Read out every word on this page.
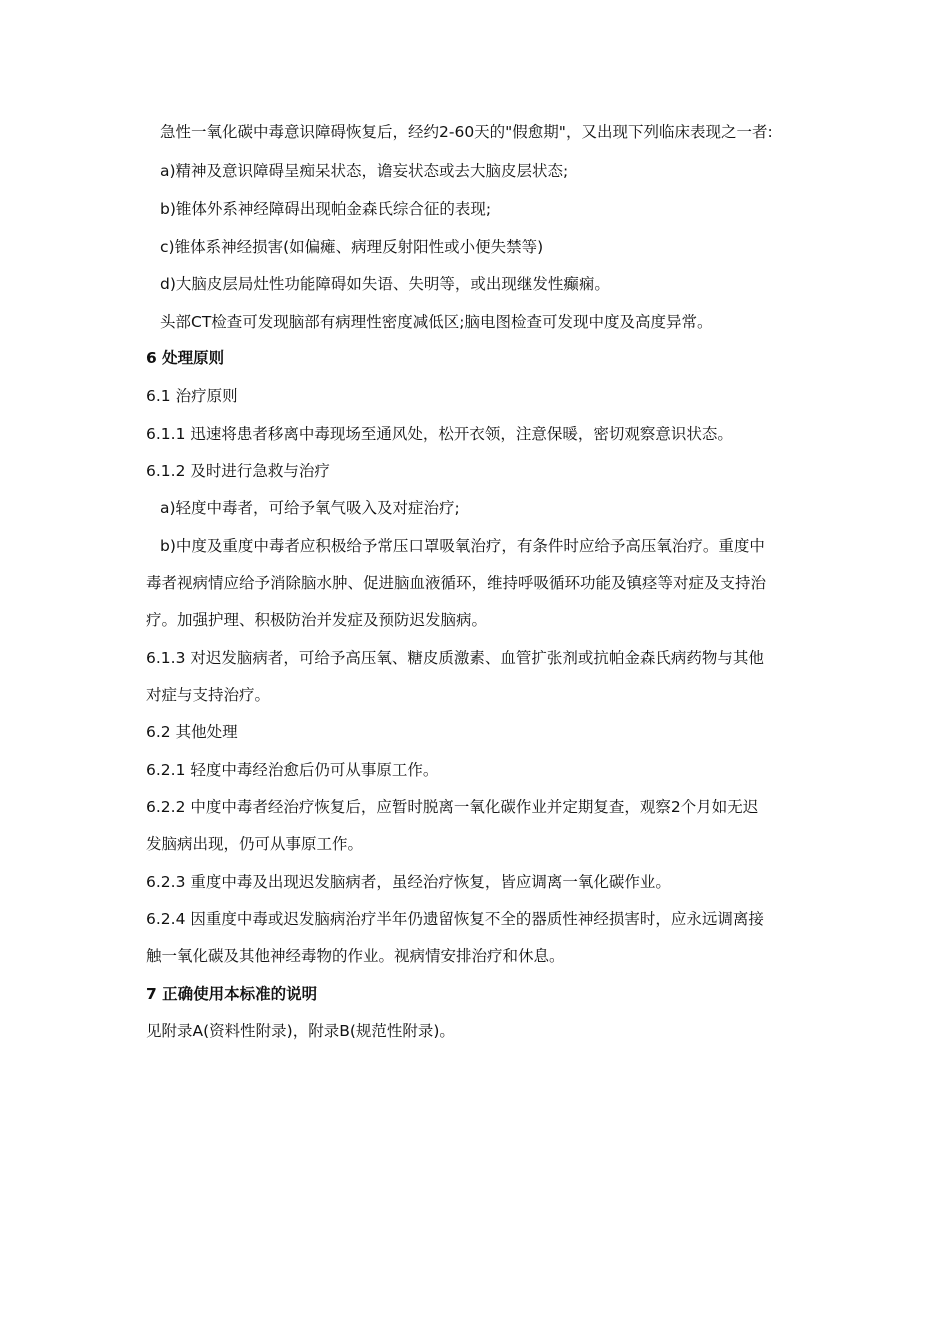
急性一氧化碳中毒意识障碍恢复后，经约2-60天的"假愈期"，又出现下列临床表现之一者:
a)精神及意识障碍呈痴呆状态，谵妄状态或去大脑皮层状态;
b)锥体外系神经障碍出现帕金森氏综合征的表现;
c)锥体系神经损害(如偏瘫、病理反射阳性或小便失禁等)
d)大脑皮层局灶性功能障碍如失语、失明等，或出现继发性癫痫。
头部CT检查可发现脑部有病理性密度减低区;脑电图检查可发现中度及高度异常。
6 处理原则
6.1 治疗原则
6.1.1 迅速将患者移离中毒现场至通风处，松开衣领，注意保暖，密切观察意识状态。
6.1.2 及时进行急救与治疗
a)轻度中毒者，可给予氧气吸入及对症治疗;
b)中度及重度中毒者应积极给予常压口罩吸氧治疗，有条件时应给予高压氧治疗。重度中
毒者视病情应给予消除脑水肿、促进脑血液循环，维持呼吸循环功能及镇痉等对症及支持治
疗。加强护理、积极防治并发症及预防迟发脑病。
6.1.3 对迟发脑病者，可给予高压氧、糖皮质激素、血管扩张剂或抗帕金森氏病药物与其他
对症与支持治疗。
6.2 其他处理
6.2.1 轻度中毒经治愈后仍可从事原工作。
6.2.2 中度中毒者经治疗恢复后，应暂时脱离一氧化碳作业并定期复查，观察2个月如无迟
发脑病出现，仍可从事原工作。
6.2.3 重度中毒及出现迟发脑病者，虽经治疗恢复，皆应调离一氧化碳作业。
6.2.4 因重度中毒或迟发脑病治疗半年仍遗留恢复不全的器质性神经损害时，应永远调离接
触一氧化碳及其他神经毒物的作业。视病情安排治疗和休息。
7 正确使用本标准的说明
见附录A(资料性附录)，附录B(规范性附录)。
